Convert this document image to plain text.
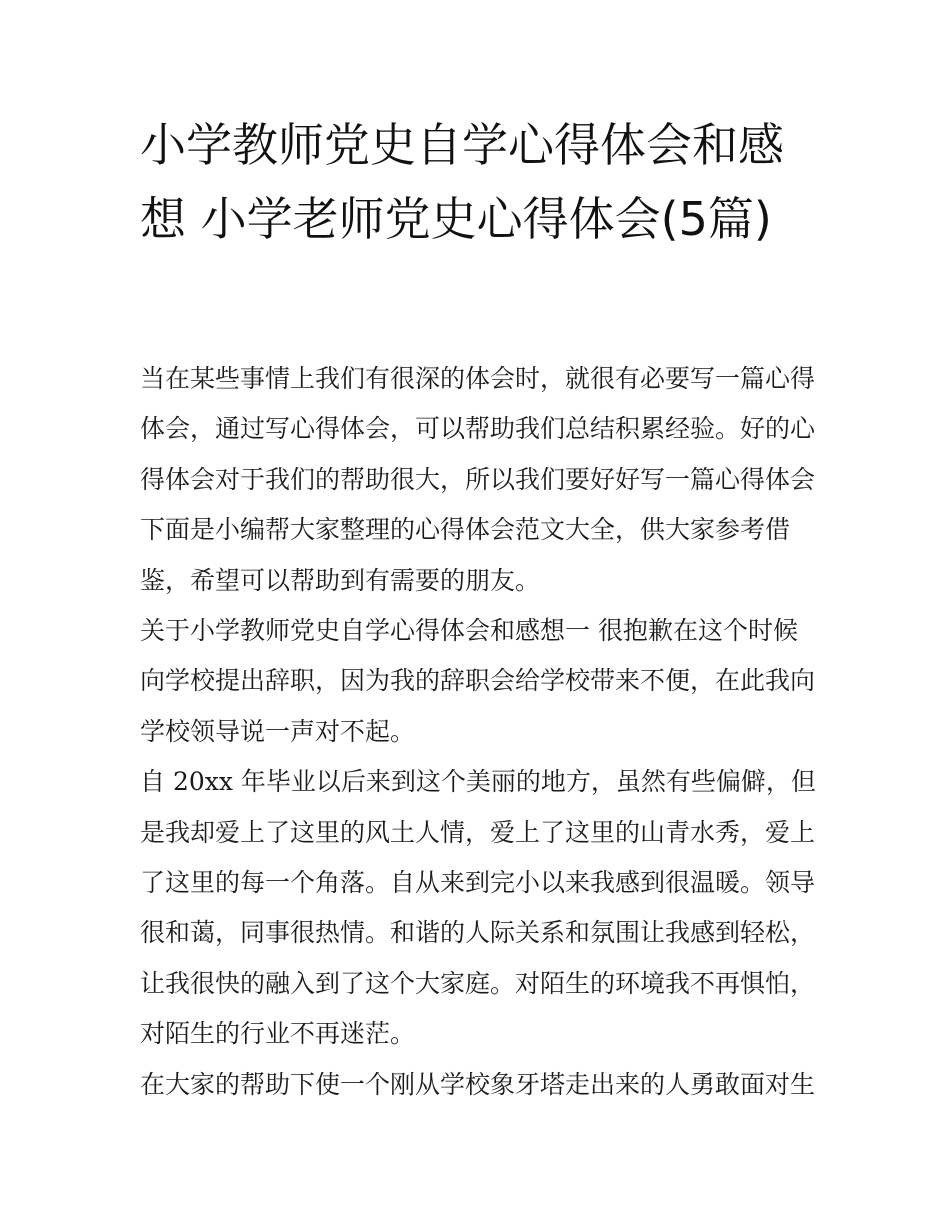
小学教师党史自学心得体会和感想 小学老师党史心得体会(5篇)

当在某些事情上我们有很深的体会时，就很有必要写一篇心得体会，通过写心得体会，可以帮助我们总结积累经验。好的心得体会对于我们的帮助很大，所以我们要好好写一篇心得体会下面是小编帮大家整理的心得体会范文大全，供大家参考借鉴，希望可以帮助到有需要的朋友。

关于小学教师党史自学心得体会和感想一 很抱歉在这个时候向学校提出辞职，因为我的辞职会给学校带来不便，在此我向学校领导说一声对不起。

自 20xx 年毕业以后来到这个美丽的地方，虽然有些偏僻，但是我却爱上了这里的风土人情，爱上了这里的山青水秀，爱上了这里的每一个角落。自从来到完小以来我感到很温暖。领导很和蔼，同事很热情。和谐的人际关系和氛围让我感到轻松，让我很快的融入到了这个大家庭。对陌生的环境我不再惧怕，对陌生的行业不再迷茫。

在大家的帮助下使一个刚从学校象牙塔走出来的人勇敢面对生
